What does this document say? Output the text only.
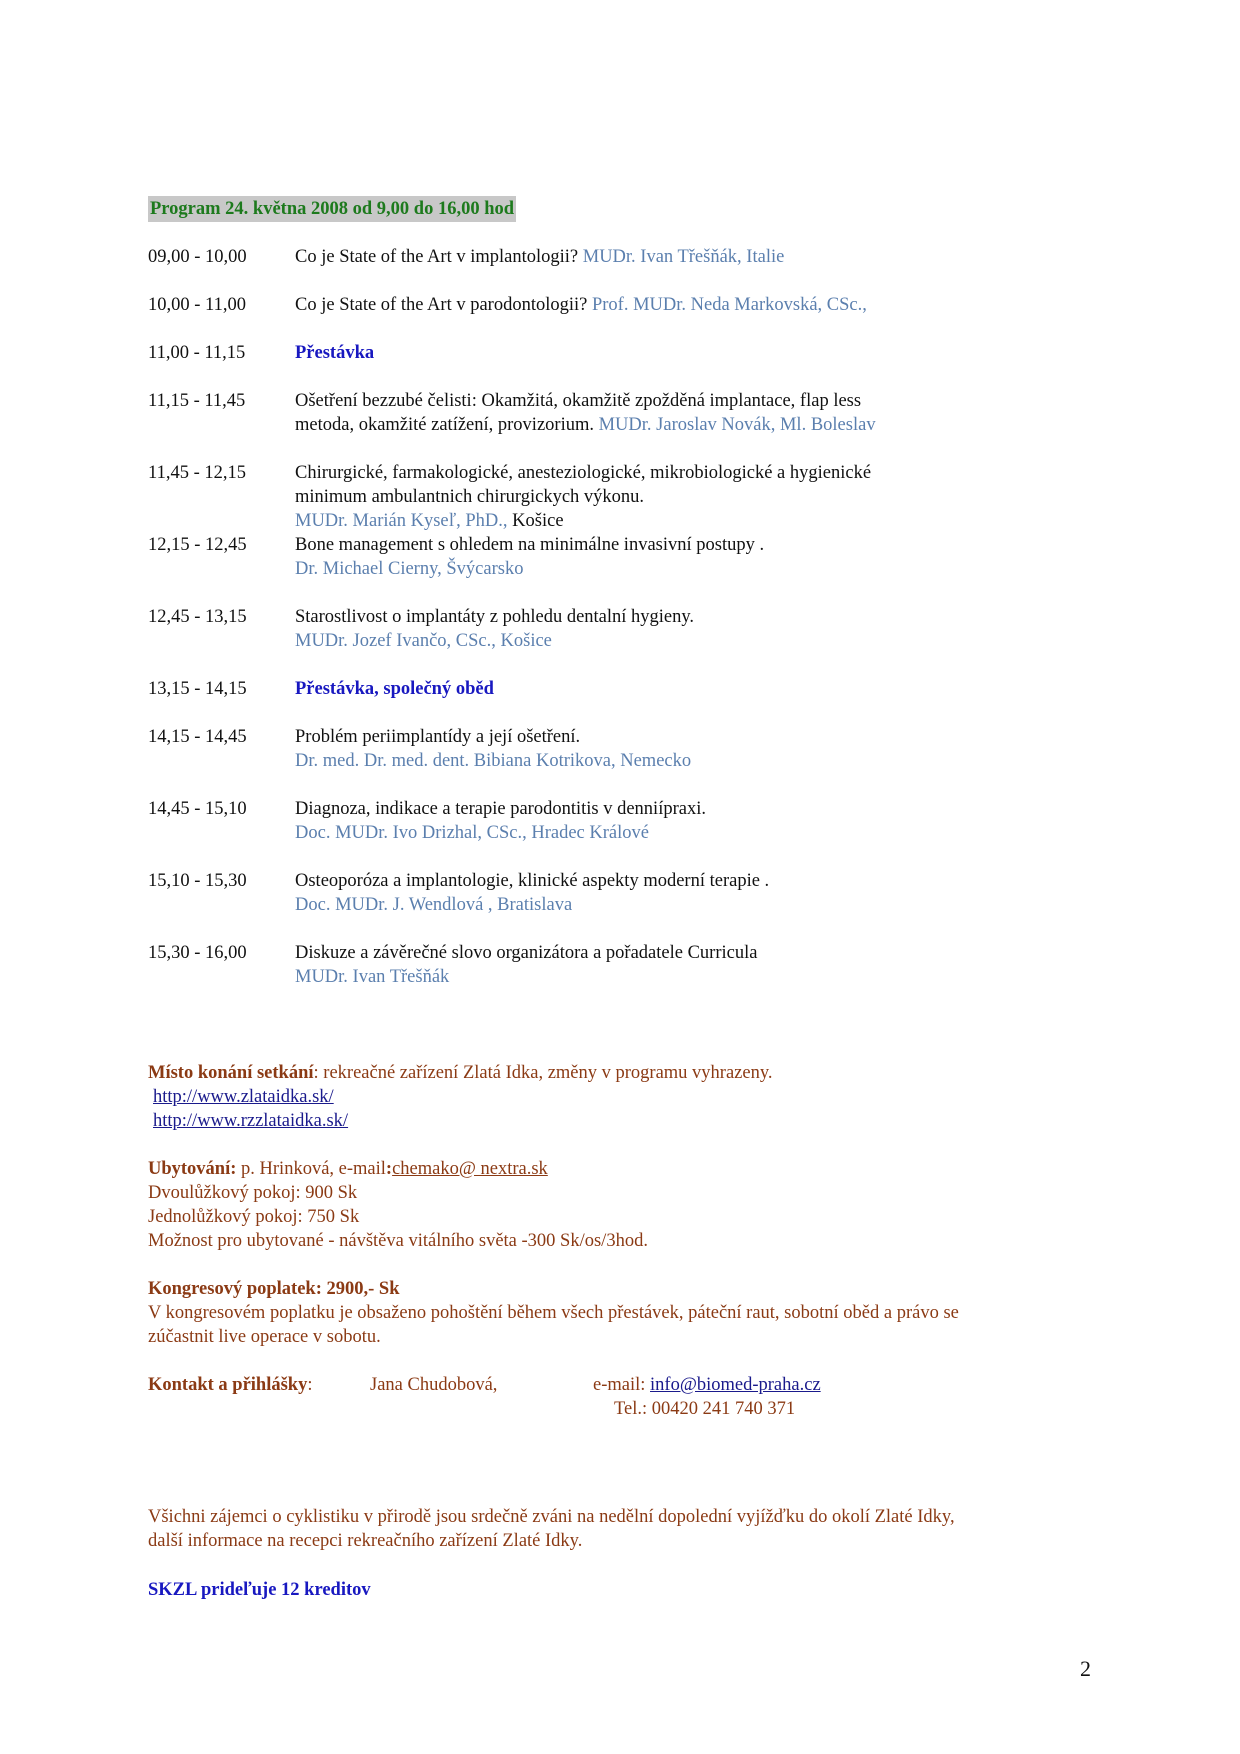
Program 24. května 2008 od 9,00 do 16,00 hod
09,00 - 10,00	Co je State of the Art v implantologii? MUDr. Ivan Třešňák, Italie
10,00 - 11,00	Co je State of the Art v parodontologii? Prof. MUDr. Neda Markovská, CSc.,
11,00 - 11,15	Přestávka
11,15 - 11,45	Ošetření bezzubé čelisti: Okamžitá, okamžitě zpožděná implantace, flap less
metoda, okamžité zatížení, provizorium. MUDr. Jaroslav Novák, Ml. Boleslav
11,45 - 12,15	Chirurgické, farmakologické, anesteziologické, mikrobiologické a hygienické
minimum ambulantnich chirurgickych výkonu.
MUDr. Marián Kyseľ, PhD., Košice
12,15 - 12,45	Bone management s ohledem na minimálne invasivní postupy .
Dr. Michael Cierny, Švýcarsko
12,45 - 13,15	Starostlivost o implantáty z pohledu dentalní hygieny.
MUDr. Jozef Ivančo, CSc., Košice
13,15 - 14,15	Přestávka, společný oběd
14,15 - 14,45	Problém periimplantídy a její ošetření.
Dr. med. Dr. med. dent. Bibiana Kotrikova, Nemecko
14,45 - 15,10	Diagnoza, indikace a terapie parodontitis v denniípraxi.
Doc. MUDr. Ivo Drizhal, CSc., Hradec Králové
15,10 - 15,30	Osteoporóza a implantologie, klinické aspekty moderní terapie .
Doc. MUDr. J. Wendlová , Bratislava
15,30 - 16,00	Diskuze a závěrečné slovo organizátora a pořadatele Curricula
MUDr. Ivan Třešňák
Místo konání setkání: rekreačné zařízení Zlatá Idka, změny v programu vyhrazeny.
http://www.zlataidka.sk/
http://www.rzzlataidka.sk/
Ubytování: p. Hrinková, e-mail:chemako@ nextra.sk
Dvoulůžkový pokoj: 900 Sk
Jednolůžkový pokoj: 750 Sk
Možnost pro ubytované - návštěva vitálního světa -300 Sk/os/3hod.
Kongresový poplatek: 2900,- Sk
V kongresovém poplatku je obsaženo pohoštění během všech přestávek, páteční raut, sobotní oběd a právo se
zúčastnit live operace v sobotu.
Kontakt a přihlášky:	Jana Chudobová,	e-mail: info@biomed-praha.cz
Tel.: 00420 241 740 371
Všichni zájemci o cyklistiku v přirodě jsou srdečně zváni na nedělní dopolední vyjížďku do okolí Zlaté Idky,
další informace na recepci rekreačního zařízení Zlaté Idky.
SKZL prideľuje 12 kreditov
2
